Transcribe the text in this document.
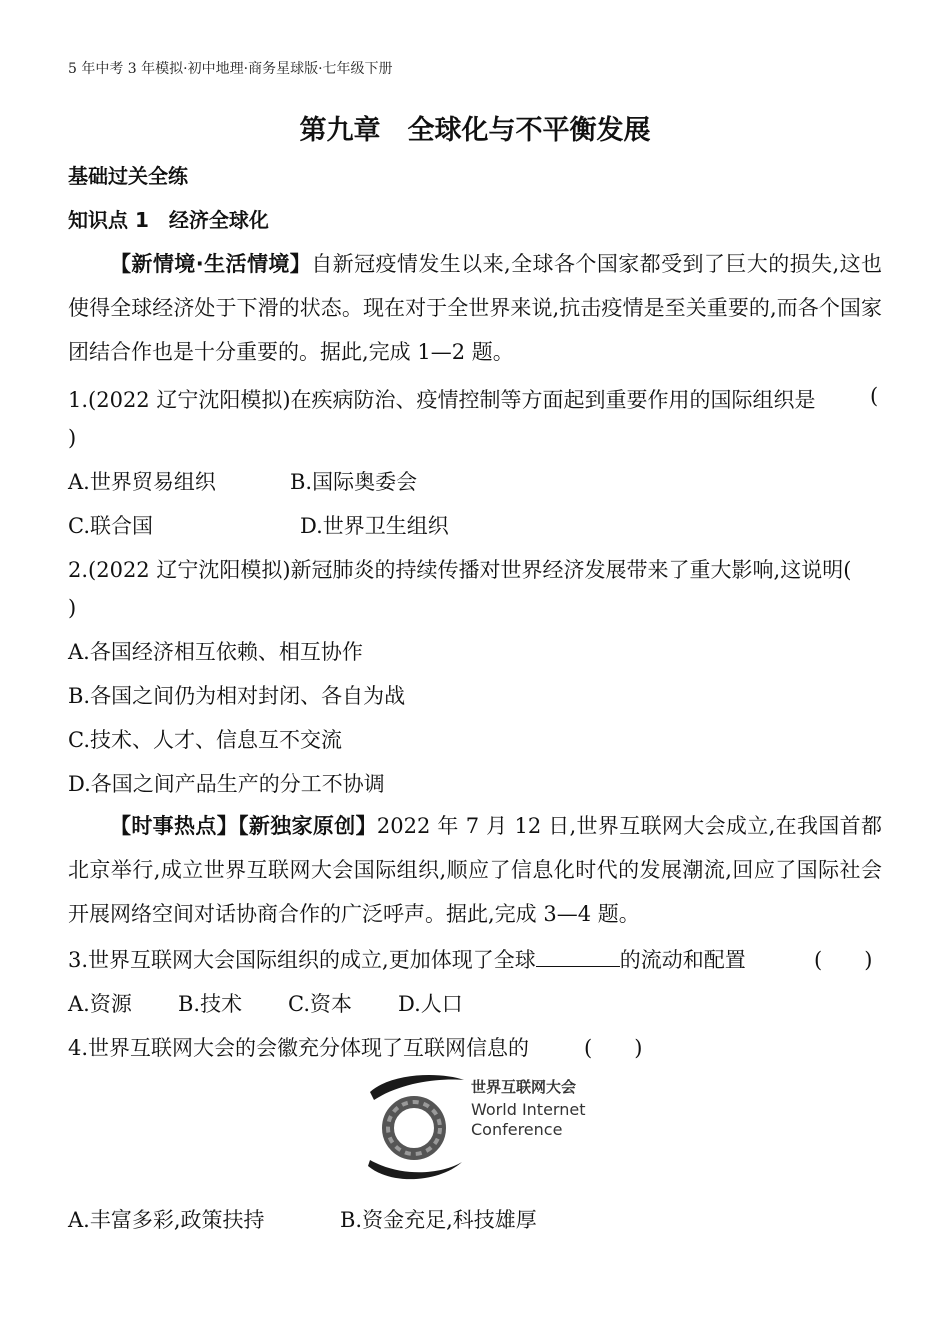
5 年中考 3 年模拟·初中地理·商务星球版·七年级下册
第九章　全球化与不平衡发展
基础过关全练
知识点 1　经济全球化
【新情境·生活情境】自新冠疫情发生以来,全球各个国家都受到了巨大的损失,这也使得全球经济处于下滑的状态。现在对于全世界来说,抗击疫情是至关重要的,而各个国家团结合作也是十分重要的。据此,完成 1—2 题。
1.(2022 辽宁沈阳模拟)在疾病防治、疫情控制等方面起到重要作用的国际组织是	(
)
A.世界贸易组织	B.国际奥委会
C.联合国	D.世界卫生组织
2.(2022 辽宁沈阳模拟)新冠肺炎的持续传播对世界经济发展带来了重大影响,这说明(
)
A.各国经济相互依赖、相互协作
B.各国之间仍为相对封闭、各自为战
C.技术、人才、信息互不交流
D.各国之间产品生产的分工不协调
【时事热点】【新独家原创】2022 年 7 月 12 日,世界互联网大会成立,在我国首都北京举行,成立世界互联网大会国际组织,顺应了信息化时代的发展潮流,回应了国际社会开展网络空间对话协商合作的广泛呼声。据此,完成 3—4 题。
3.世界互联网大会国际组织的成立,更加体现了全球	的流动和配置	(　　)
A.资源 B.技术 C.资本 D.人口
4.世界互联网大会的会徽充分体现了互联网信息的	(　　)
世界互联网大会
World Internet
Conference
A.丰富多彩,政策扶持	B.资金充足,科技雄厚
